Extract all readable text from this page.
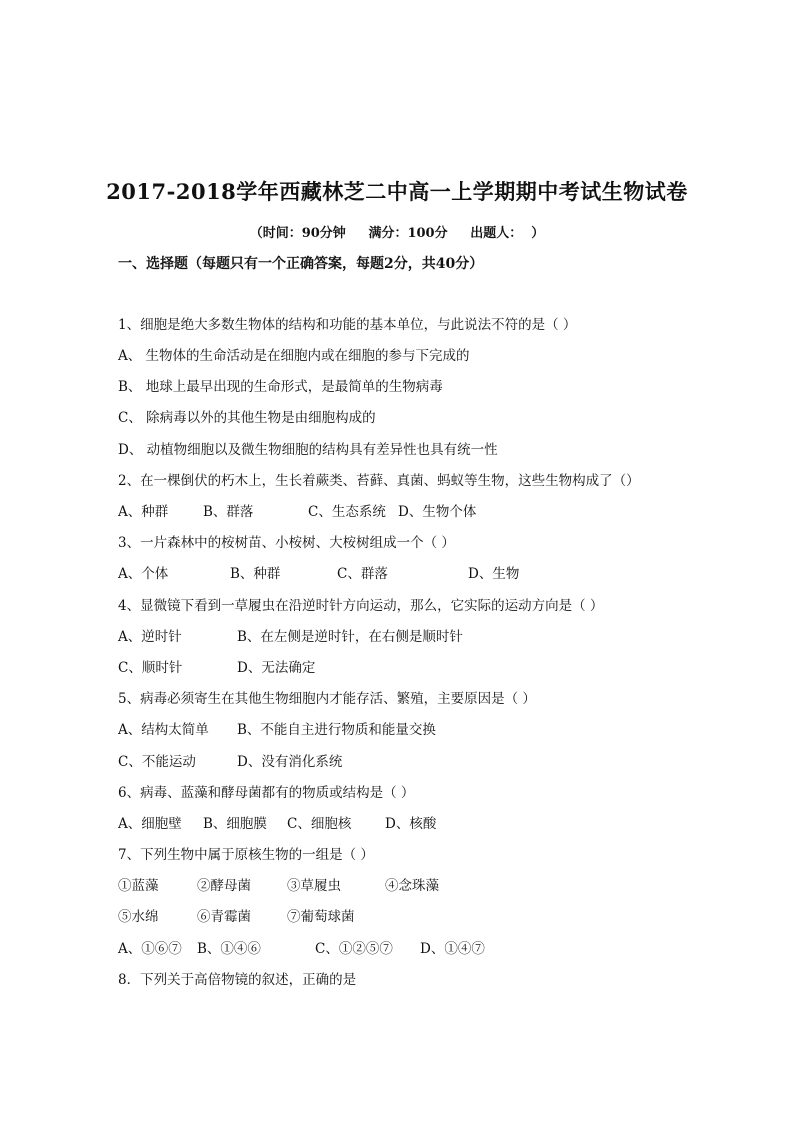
2017-2018学年西藏林芝二中高一上学期期中考试生物试卷
（时间：90分钟 满分：100分 出题人：  ）
一、选择题（每题只有一个正确答案，每题2分，共40分）
1、细胞是绝大多数生物体的结构和功能的基本单位，与此说法不符的是（ ）
A、 生物体的生命活动是在细胞内或在细胞的参与下完成的
B、 地球上最早出现的生命形式，是最简单的生物病毒
C、 除病毒以外的其他生物是由细胞构成的
D、 动植物细胞以及微生物细胞的结构具有差异性也具有统一性
2、在一棵倒伏的朽木上，生长着蕨类、苔藓、真菌、蚂蚁等生物，这些生物构成了（）
A、种群	B、群落	C、生态系统 D、生物个体
3、一片森林中的桉树苗、小桉树、大桉树组成一个（ ）
A、个体	B、种群	C、群落	D、生物
4、显微镜下看到一草履虫在沿逆时针方向运动，那么，它实际的运动方向是（ ）
A、逆时针	B、在左侧是逆时针，在右侧是顺时针
C、顺时针	D、无法确定
5、病毒必须寄生在其他生物细胞内才能存活、繁殖，主要原因是（ ）
A、结构太简单 B、不能自主进行物质和能量交换
C、不能运动	D、没有消化系统
6、病毒、蓝藻和酵母菌都有的物质或结构是（ ）
A、细胞壁 B、细胞膜 C、细胞核 D、核酸
7、下列生物中属于原核生物的一组是（ ）
①蓝藻	②酵母菌	③草履虫	④念珠藻
⑤水绵	⑥青霉菌	⑦葡萄球菌
A、①⑥⑦ B、①④⑥	C、①②⑤⑦ D、①④⑦
8．下列关于高倍物镜的叙述，正确的是
